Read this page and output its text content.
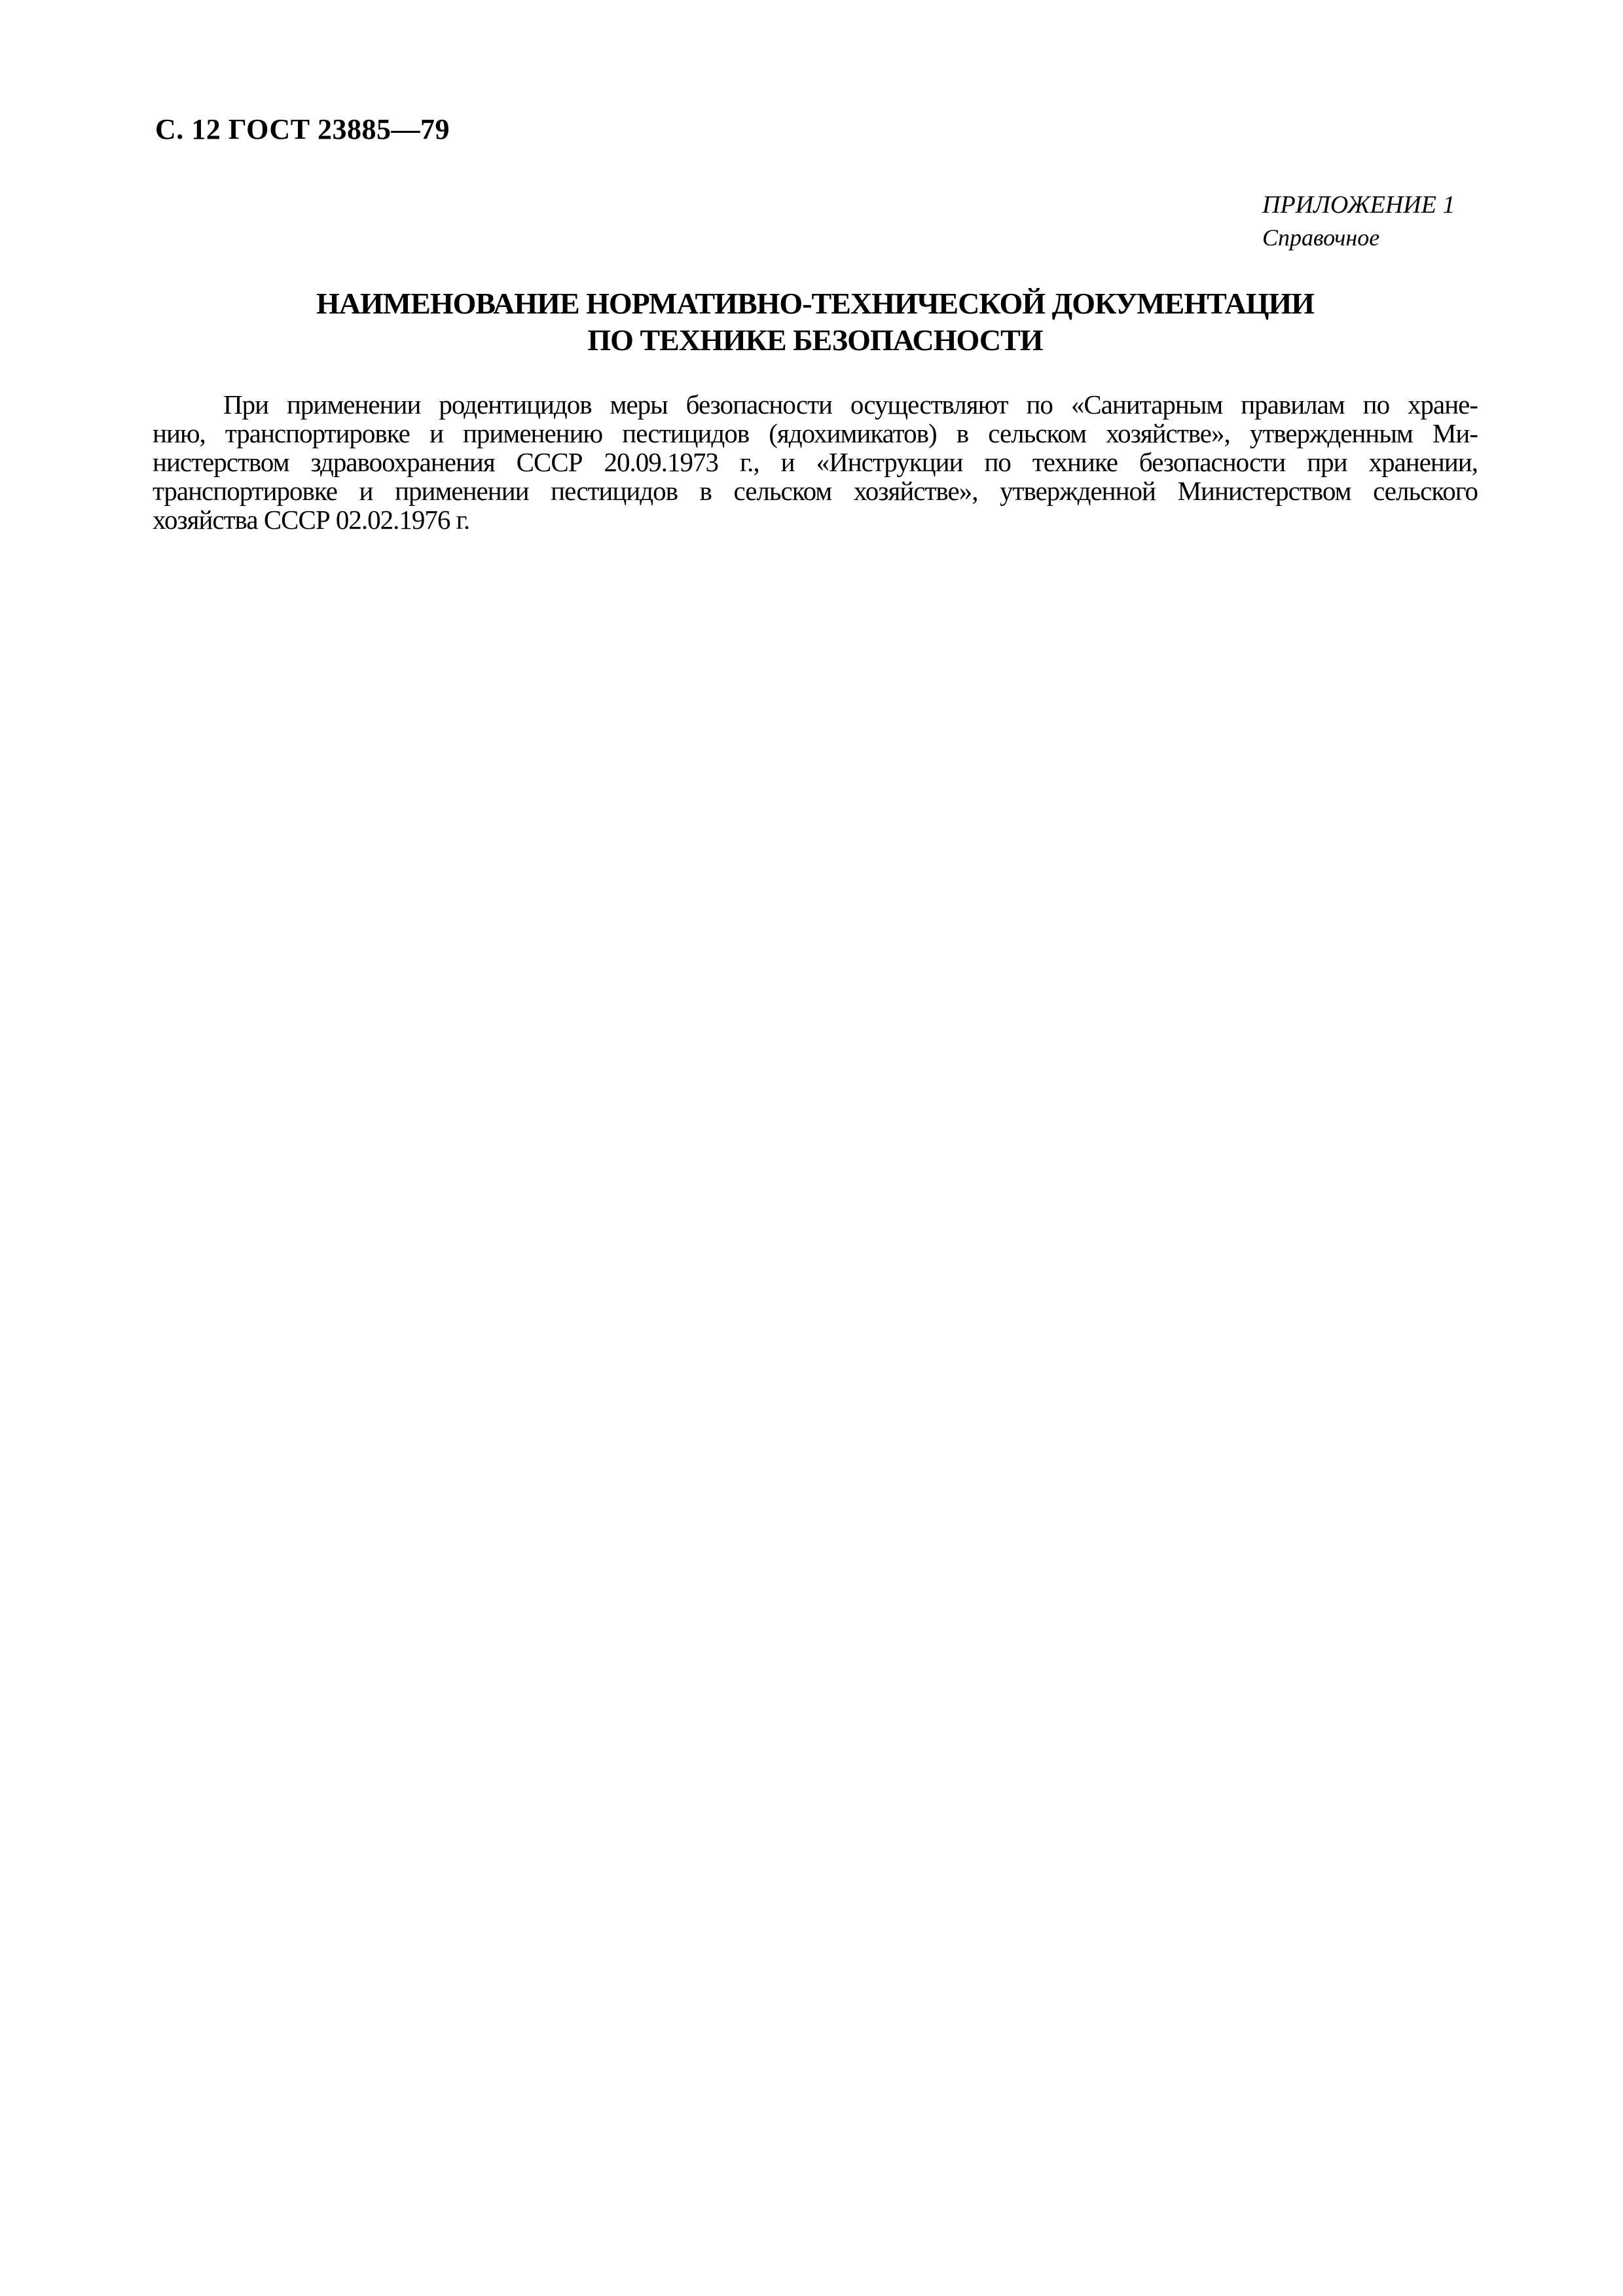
С. 12 ГОСТ 23885—79
ПРИЛОЖЕНИЕ 1
Справочное
НАИМЕНОВАНИЕ НОРМАТИВНО-ТЕХНИЧЕСКОЙ ДОКУМЕНТАЦИИ
ПО ТЕХНИКЕ БЕЗОПАСНОСТИ
При применении родентицидов меры безопасности осуществляют по «Санитарным правилам по хране-
нию, транспортировке и применению пестицидов (ядохимикатов) в сельском хозяйстве», утвержденным Ми-
нистерством здравоохранения СССР 20.09.1973 г., и «Инструкции по технике безопасности при хранении,
транспортировке и применении пестицидов в сельском хозяйстве», утвержденной Министерством сельского
хозяйства СССР 02.02.1976 г.
